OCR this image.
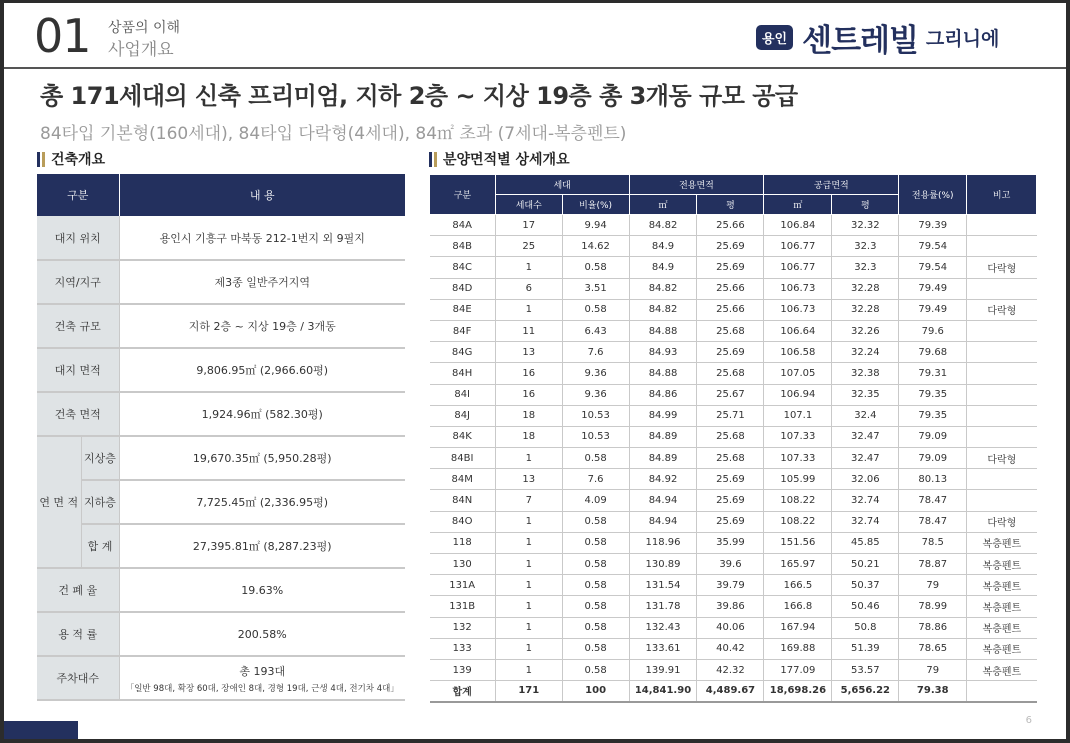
01 상품의 이해
사업개요
용인 센트레빌 그리니에
총 171세대의 신축 프리미엄, 지하 2층 ~ 지상 19층 총 3개동 규모 공급
84타입 기본형(160세대), 84타입 다락형(4세대), 84㎡ 초과 (7세대-복층펜트)
건축개요	분양면적별 상세개요
구분		내 용
대지 위치		용인시 기흥구 마북동 212-1번지 외 9필지
지역/지구		제3종 일반주거지역
건축 규모		지하 2층 ~ 지상 19층 / 3개동
대지 면적		9,806.95㎡ (2,966.60평)
건축 면적		1,924.96㎡ (582.30평)
연 면 적	지상층	19,670.35㎡ (5,950.28평)
	지하층	7,725.45㎡ (2,336.95평)
	합 계	27,395.81㎡ (8,287.23평)
건 폐 율		19.63%
용 적 률		200.58%
주차대수		총 193대
「일반 98대, 확장 60대, 장애인 8대, 경형 19대, 근생 4대, 전기차 4대」
구분	세대		전용면적		공급면적		전용률(%)	비고
	세대수	비율(%)	㎡	평	㎡	평		
84A	17	9.94	84.82	25.66	106.84	32.32	79.39	
84B	25	14.62	84.9	25.69	106.77	32.3	79.54	
84C	1	0.58	84.9	25.69	106.77	32.3	79.54	다락형
84D	6	3.51	84.82	25.66	106.73	32.28	79.49	
84E	1	0.58	84.82	25.66	106.73	32.28	79.49	다락형
84F	11	6.43	84.88	25.68	106.64	32.26	79.6	
84G	13	7.6	84.93	25.69	106.58	32.24	79.68	
84H	16	9.36	84.88	25.68	107.05	32.38	79.31	
84I	16	9.36	84.86	25.67	106.94	32.35	79.35	
84J	18	10.53	84.99	25.71	107.1	32.4	79.35	
84K	18	10.53	84.89	25.68	107.33	32.47	79.09	
84BI	1	0.58	84.89	25.68	107.33	32.47	79.09	다락형
84M	13	7.6	84.92	25.69	105.99	32.06	80.13	
84N	7	4.09	84.94	25.69	108.22	32.74	78.47	
84O	1	0.58	84.94	25.69	108.22	32.74	78.47	다락형
118	1	0.58	118.96	35.99	151.56	45.85	78.5	복층펜트
130	1	0.58	130.89	39.6	165.97	50.21	78.87	복층펜트
131A	1	0.58	131.54	39.79	166.5	50.37	79	복층펜트
131B	1	0.58	131.78	39.86	166.8	50.46	78.99	복층펜트
132	1	0.58	132.43	40.06	167.94	50.8	78.86	복층펜트
133	1	0.58	133.61	40.42	169.88	51.39	78.65	복층펜트
139	1	0.58	139.91	42.32	177.09	53.57	79	복층펜트
합계	171	100	14,841.90	4,489.67	18,698.26	5,656.22	79.38	
6
